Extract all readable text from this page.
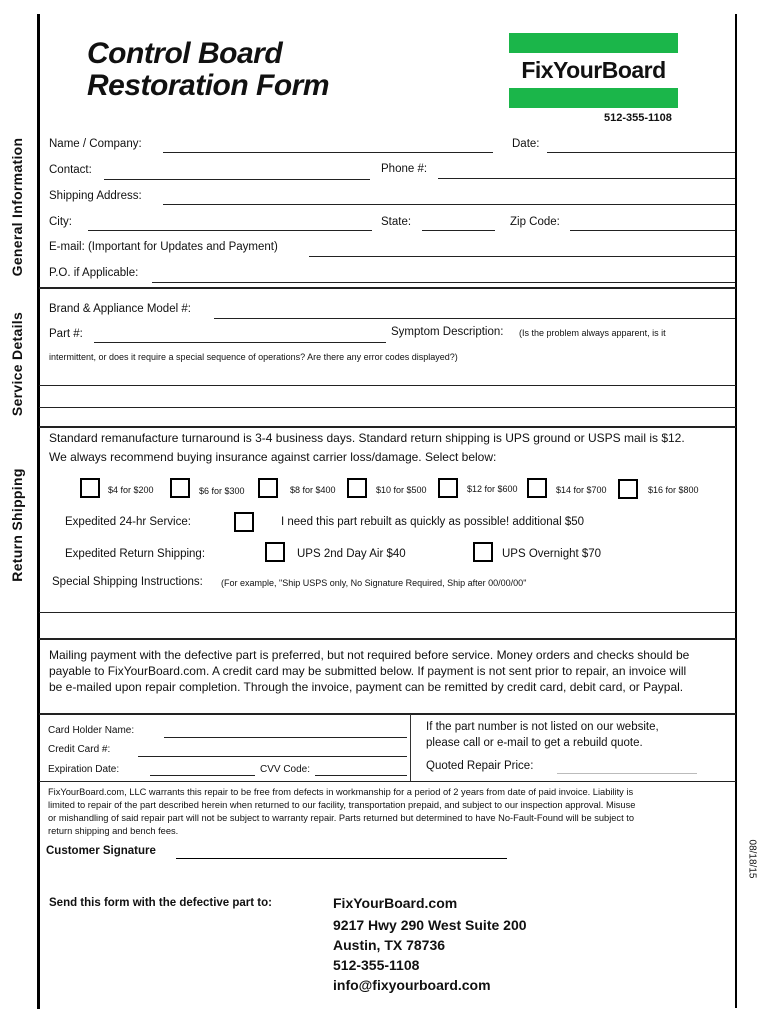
Control Board
Restoration Form	FixYourBoard
512-355-1108
General Information
Service Details
Return Shipping
Name / Company:	Date:
Contact:	Phone #:
Shipping Address:
City:	State:	Zip Code:
E-mail: (Important for Updates and Payment)
P.O. if Applicable:
Brand & Appliance Model #:
Part #:	Symptom Description: (Is the problem always apparent, is it
intermittent, or does it require a special sequence of operations? Are there any error codes displayed?)
Standard remanufacture turnaround is 3-4 business days. Standard return shipping is UPS ground or USPS mail is $12.
We always recommend buying insurance against carrier loss/damage. Select below:
$4 for $200	$6 for $300	$8 for $400	$10 for $500	$12 for $600	$14 for $700	$16 for $800
Expedited 24-hr Service:	I need this part rebuilt as quickly as possible! additional $50
Expedited Return Shipping:	UPS 2nd Day Air $40	UPS Overnight $70
Special Shipping Instructions: (For example, "Ship USPS only, No Signature Required, Ship after 00/00/00"
Mailing payment with the defective part is preferred, but not required before service. Money orders and checks should be
payable to FixYourBoard.com. A credit card may be submitted below. If payment is not sent prior to repair, an invoice will
be e-mailed upon repair completion. Through the invoice, payment can be remitted by credit card, debit card, or Paypal.
Card Holder Name:
Credit Card #:
Expiration Date:	CVV Code:
If the part number is not listed on our website,
please call or e-mail to get a rebuild quote.
Quoted Repair Price:
FixYourBoard.com, LLC warrants this repair to be free from defects in workmanship for a period of 2 years from date of paid invoice. Liability is
limited to repair of the part described herein when returned to our facility, transportation prepaid, and subject to our inspection approval. Misuse
or mishandling of said repair part will not be subject to warranty repair. Parts returned but determined to have No-Fault-Found will be subject to
return shipping and bench fees.
Customer Signature	08/18/15
Send this form with the defective part to:	FixYourBoard.com
9217 Hwy 290 West Suite 200
Austin, TX 78736
512-355-1108
info@fixyourboard.com
